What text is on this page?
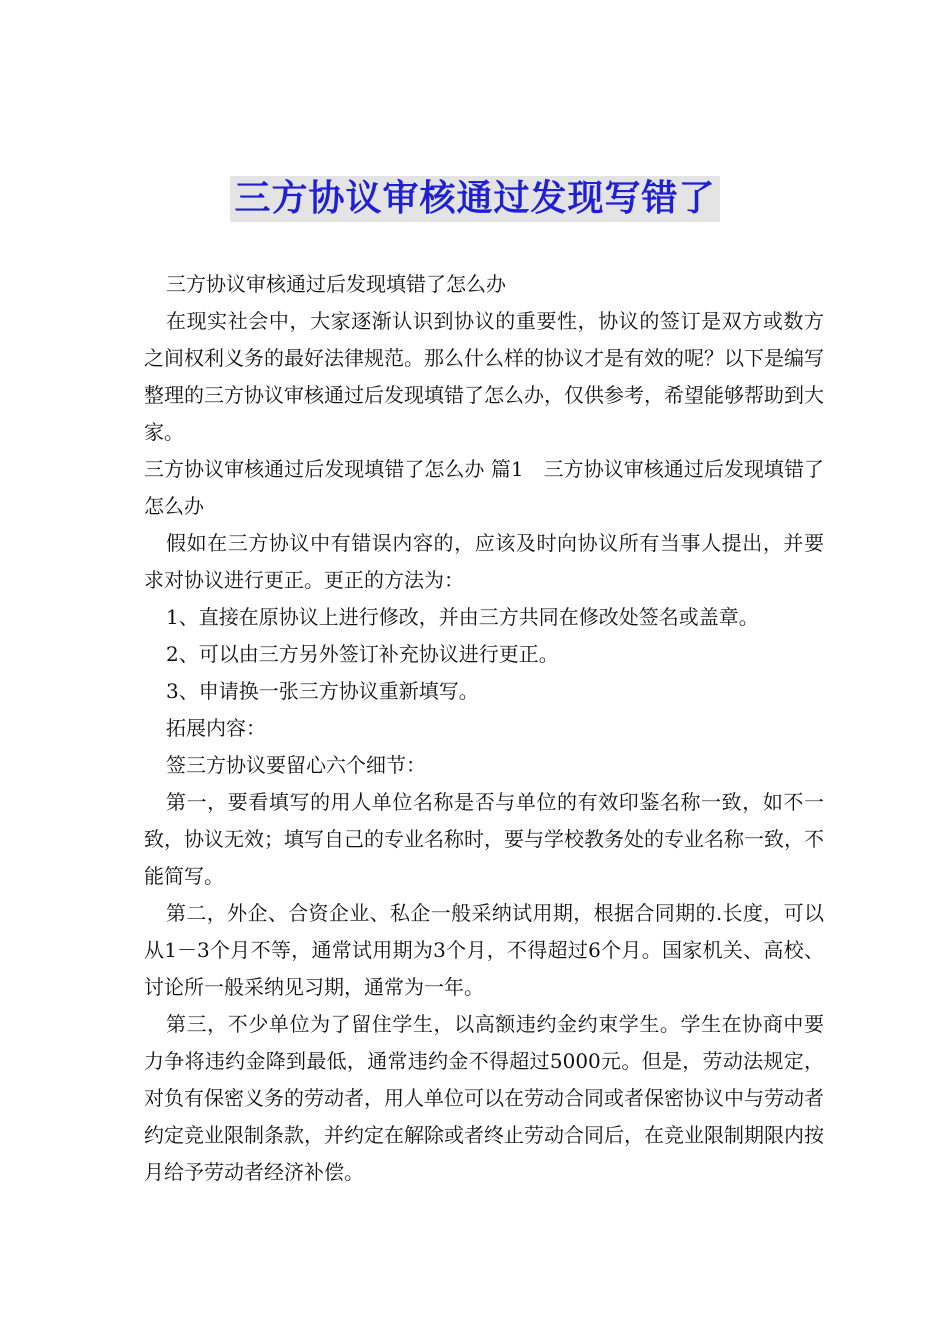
三方协议审核通过发现写错了

三方协议审核通过后发现填错了怎么办

在现实社会中，大家逐渐认识到协议的重要性，协议的签订是双方或数方之间权利义务的最好法律规范。那么什么样的协议才是有效的呢？以下是编写整理的三方协议审核通过后发现填错了怎么办，仅供参考，希望能够帮助到大家。

三方协议审核通过后发现填错了怎么办 篇1　三方协议审核通过后发现填错了怎么办

假如在三方协议中有错误内容的，应该及时向协议所有当事人提出，并要求对协议进行更正。更正的方法为：

1、直接在原协议上进行修改，并由三方共同在修改处签名或盖章。

2、可以由三方另外签订补充协议进行更正。

3、申请换一张三方协议重新填写。

拓展内容：

签三方协议要留心六个细节：

第一，要看填写的用人单位名称是否与单位的有效印鉴名称一致，如不一致，协议无效；填写自己的专业名称时，要与学校教务处的专业名称一致，不能简写。

第二，外企、合资企业、私企一般采纳试用期，根据合同期的.长度，可以从1－3个月不等，通常试用期为3个月，不得超过6个月。国家机关、高校、讨论所一般采纳见习期，通常为一年。

第三，不少单位为了留住学生，以高额违约金约束学生。学生在协商中要力争将违约金降到最低，通常违约金不得超过5000元。但是，劳动法规定，对负有保密义务的劳动者，用人单位可以在劳动合同或者保密协议中与劳动者约定竞业限制条款，并约定在解除或者终止劳动合同后，在竞业限制期限内按月给予劳动者经济补偿。
